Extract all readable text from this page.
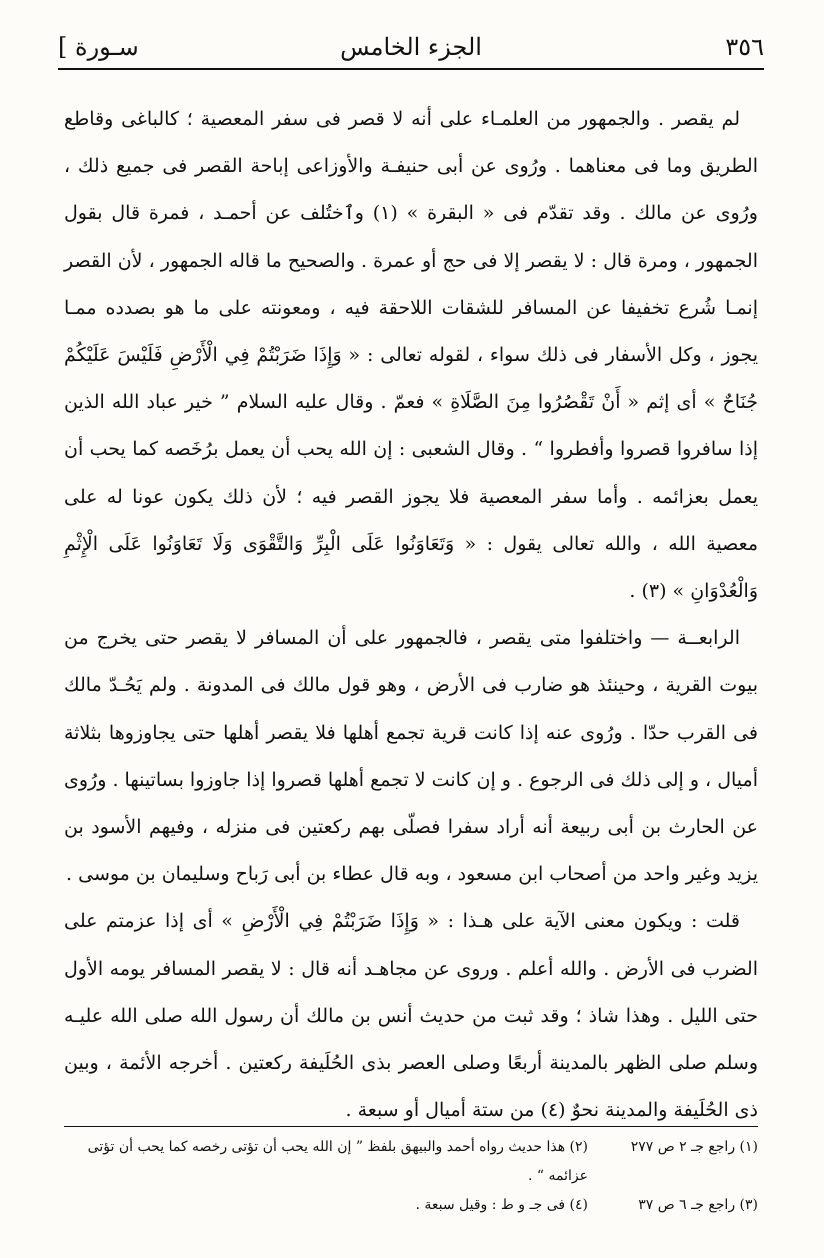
٣٥٦
الجزء الخامس
[ سـورة

لم يقصر . والجمهور من العلمـاء على أنه لا قصر فى سفر المعصية ؛ كالباغى وقاطع الطريق وما فى معناهما . ورُوى عن أبى حنيفـة والأوزاعى إباحة القصر فى جميع ذلك ، ورُوى عن مالك . وقد تقدّم فى « البقرة » (١) وٱختُلف عن أحمـد ، فمرة قال بقول الجمهور ، ومرة قال : لا يقصر إلا فى حج أو عمرة . والصحيح ما قاله الجمهور ، لأن القصر إنمـا شُرع تخفيفا عن المسافر للشقات اللاحقة فيه ، ومعونته على ما هو بصدده ممـا يجوز ، وكل الأسفار فى ذلك سواء ، لقوله تعالى : « وَإِذَا ضَرَبْتُمْ فِي الْأَرْضِ فَلَيْسَ عَلَيْكُمْ جُنَاحٌ » أى إثم « أَنْ تَقْصُرُوا مِنَ الصَّلَاةِ » فعمّ . وقال عليه السلام ” خير عباد الله الذين إذا سافروا قصروا وأفطروا “ . وقال الشعبى : إن الله يحب أن يعمل برُخَصه كما يحب أن يعمل بعزائمه . وأما سفر المعصية فلا يجوز القصر فيه ؛ لأن ذلك يكون عونا له على معصية الله ، والله تعالى يقول : « وَتَعَاوَنُوا عَلَى الْبِرِّ وَالتَّقْوَى وَلَا تَعَاوَنُوا عَلَى الْإِثْمِ وَالْعُدْوَانِ » (٣) .

الرابعــة — واختلفوا متى يقصر ، فالجمهور على أن المسافر لا يقصر حتى يخرج من بيوت القرية ، وحينئذ هو ضارب فى الأرض ، وهو قول مالك فى المدونة . ولم يَحُـدّ مالك فى القرب حدّا . ورُوى عنه إذا كانت قرية تجمع أهلها فلا يقصر أهلها حتى يجاوزوها بثلاثة أميال ، و إلى ذلك فى الرجوع . و إن كانت لا تجمع أهلها قصروا إذا جاوزوا بساتينها . ورُوى عن الحارث بن أبى ربيعة أنه أراد سفرا فصلّى بهم ركعتين فى منزله ، وفيهم الأسود بن يزيد وغير واحد من أصحاب ابن مسعود ، وبه قال عطاء بن أبى رَباح وسليمان بن موسى .

قلت : ويكون معنى الآية على هـذا : « وَإِذَا ضَرَبْتُمْ فِي الْأَرْضِ » أى إذا عزمتم على الضرب فى الأرض . والله أعلم . وروى عن مجاهـد أنه قال : لا يقصر المسافر يومه الأول حتى الليل . وهذا شاذ ؛ وقد ثبت من حديث أنس بن مالك أن رسول الله صلى الله عليـه وسلم صلى الظهر بالمدينة أربعًا وصلى العصر بذى الحُلَيفة ركعتين . أخرجه الأئمة ، وبين ذى الحُلَيفة والمدينة نحوٌ (٤) من ستة أميال أو سبعة .

(١) راجع جـ ٢ ص ٢٧٧
(٢) هذا حديث رواه أحمد والبيهق بلفظ ” إن الله يحب أن تؤتى رخصه كما يحب أن تؤتى عزائمه “ .
(٣) راجع جـ ٦ ص ٣٧
(٤) فى جـ و ط : وقيل سبعة .
